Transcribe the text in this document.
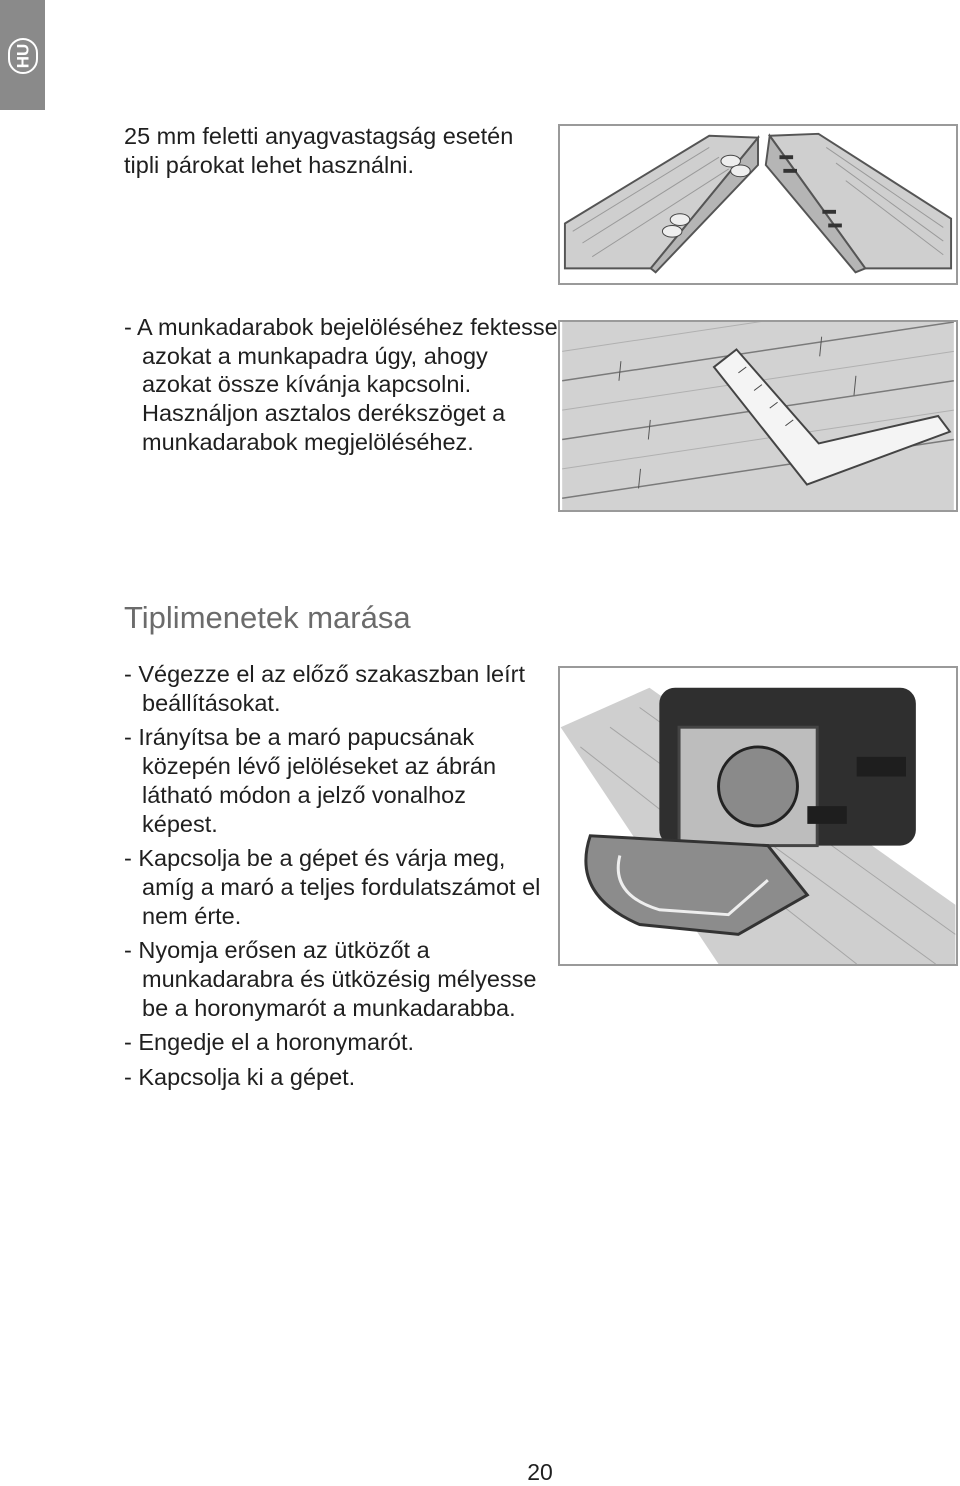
HU

25 mm feletti anyagvastagság esetén tipli párokat lehet használni.

- A munkadarabok bejelöléséhez fektesse azokat a munkapadra úgy, ahogy azokat össze kívánja kapcsolni. Használjon asztalos derékszöget a munkadarabok megjelöléséhez.

Tiplimenetek marása

- Végezze el az előző szakaszban leírt beállításokat.

- Irányítsa be a maró papucsának közepén lévő jelöléseket az ábrán látható módon a jelző vonalhoz képest.

- Kapcsolja be a gépet és várja meg, amíg a maró a teljes fordulatszámot el nem érte.

- Nyomja erősen az ütközőt a munkadarabra és ütközésig mélyesse be a horonymarót a munkadarabba.

- Engedje el a horonymarót.

- Kapcsolja ki a gépet.

20
